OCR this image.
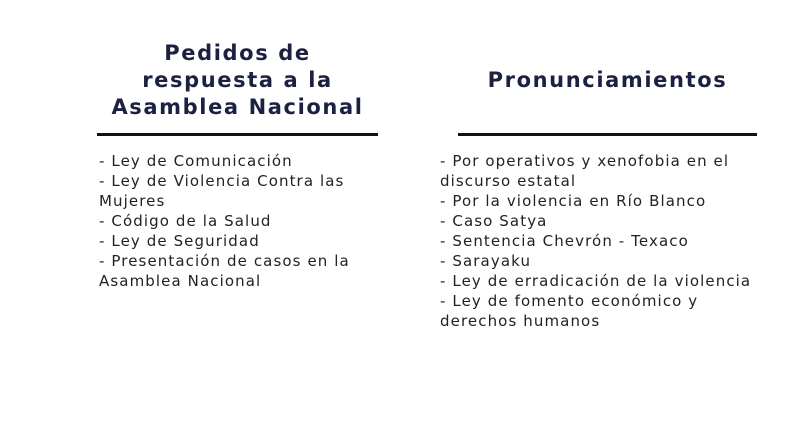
Pedidos de respuesta a la Asamblea Nacional
- Ley de Comunicación
- Ley de Violencia Contra las Mujeres
- Código de la Salud
- Ley de Seguridad
- Presentación de casos en la Asamblea Nacional
Pronunciamientos
- Por operativos y xenofobia en el discurso estatal
- Por la violencia en Río Blanco
- Caso Satya
- Sentencia Chevrón - Texaco
- Sarayaku
- Ley de erradicación de la violencia
- Ley de fomento económico y derechos humanos
